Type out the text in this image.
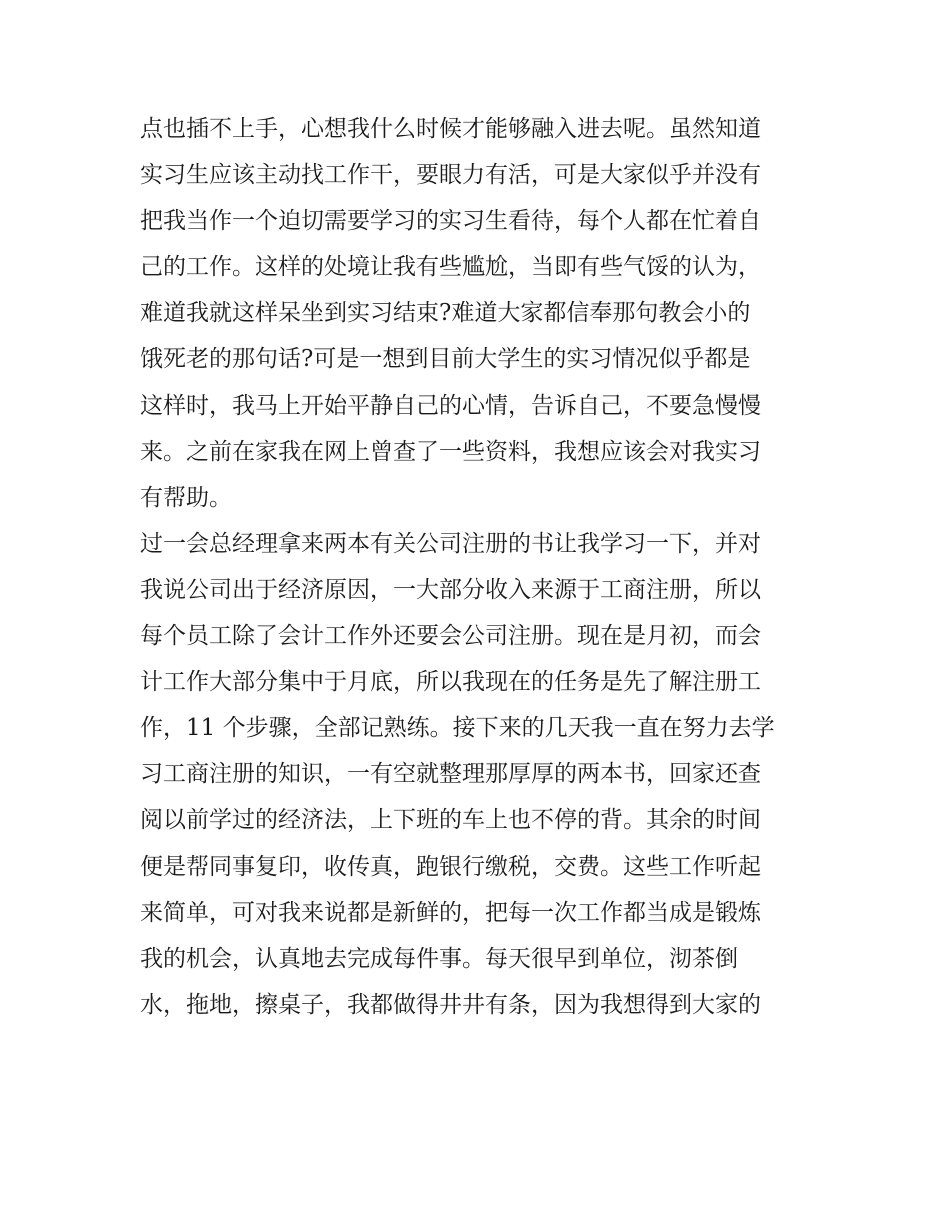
点也插不上手，心想我什么时候才能够融入进去呢。虽然知道
实习生应该主动找工作干，要眼力有活，可是大家似乎并没有
把我当作一个迫切需要学习的实习生看待，每个人都在忙着自
己的工作。这样的处境让我有些尴尬，当即有些气馁的认为，
难道我就这样呆坐到实习结束?难道大家都信奉那句教会小的
饿死老的那句话?可是一想到目前大学生的实习情况似乎都是
这样时，我马上开始平静自己的心情，告诉自己，不要急慢慢
来。之前在家我在网上曾查了一些资料，我想应该会对我实习
有帮助。
过一会总经理拿来两本有关公司注册的书让我学习一下，并对
我说公司出于经济原因，一大部分收入来源于工商注册，所以
每个员工除了会计工作外还要会公司注册。现在是月初，而会
计工作大部分集中于月底，所以我现在的任务是先了解注册工
作，11 个步骤，全部记熟练。接下来的几天我一直在努力去学
习工商注册的知识，一有空就整理那厚厚的两本书，回家还查
阅以前学过的经济法，上下班的车上也不停的背。其余的时间
便是帮同事复印，收传真，跑银行缴税，交费。这些工作听起
来简单，可对我来说都是新鲜的，把每一次工作都当成是锻炼
我的机会，认真地去完成每件事。每天很早到单位，沏茶倒
水，拖地，擦桌子，我都做得井井有条，因为我想得到大家的
